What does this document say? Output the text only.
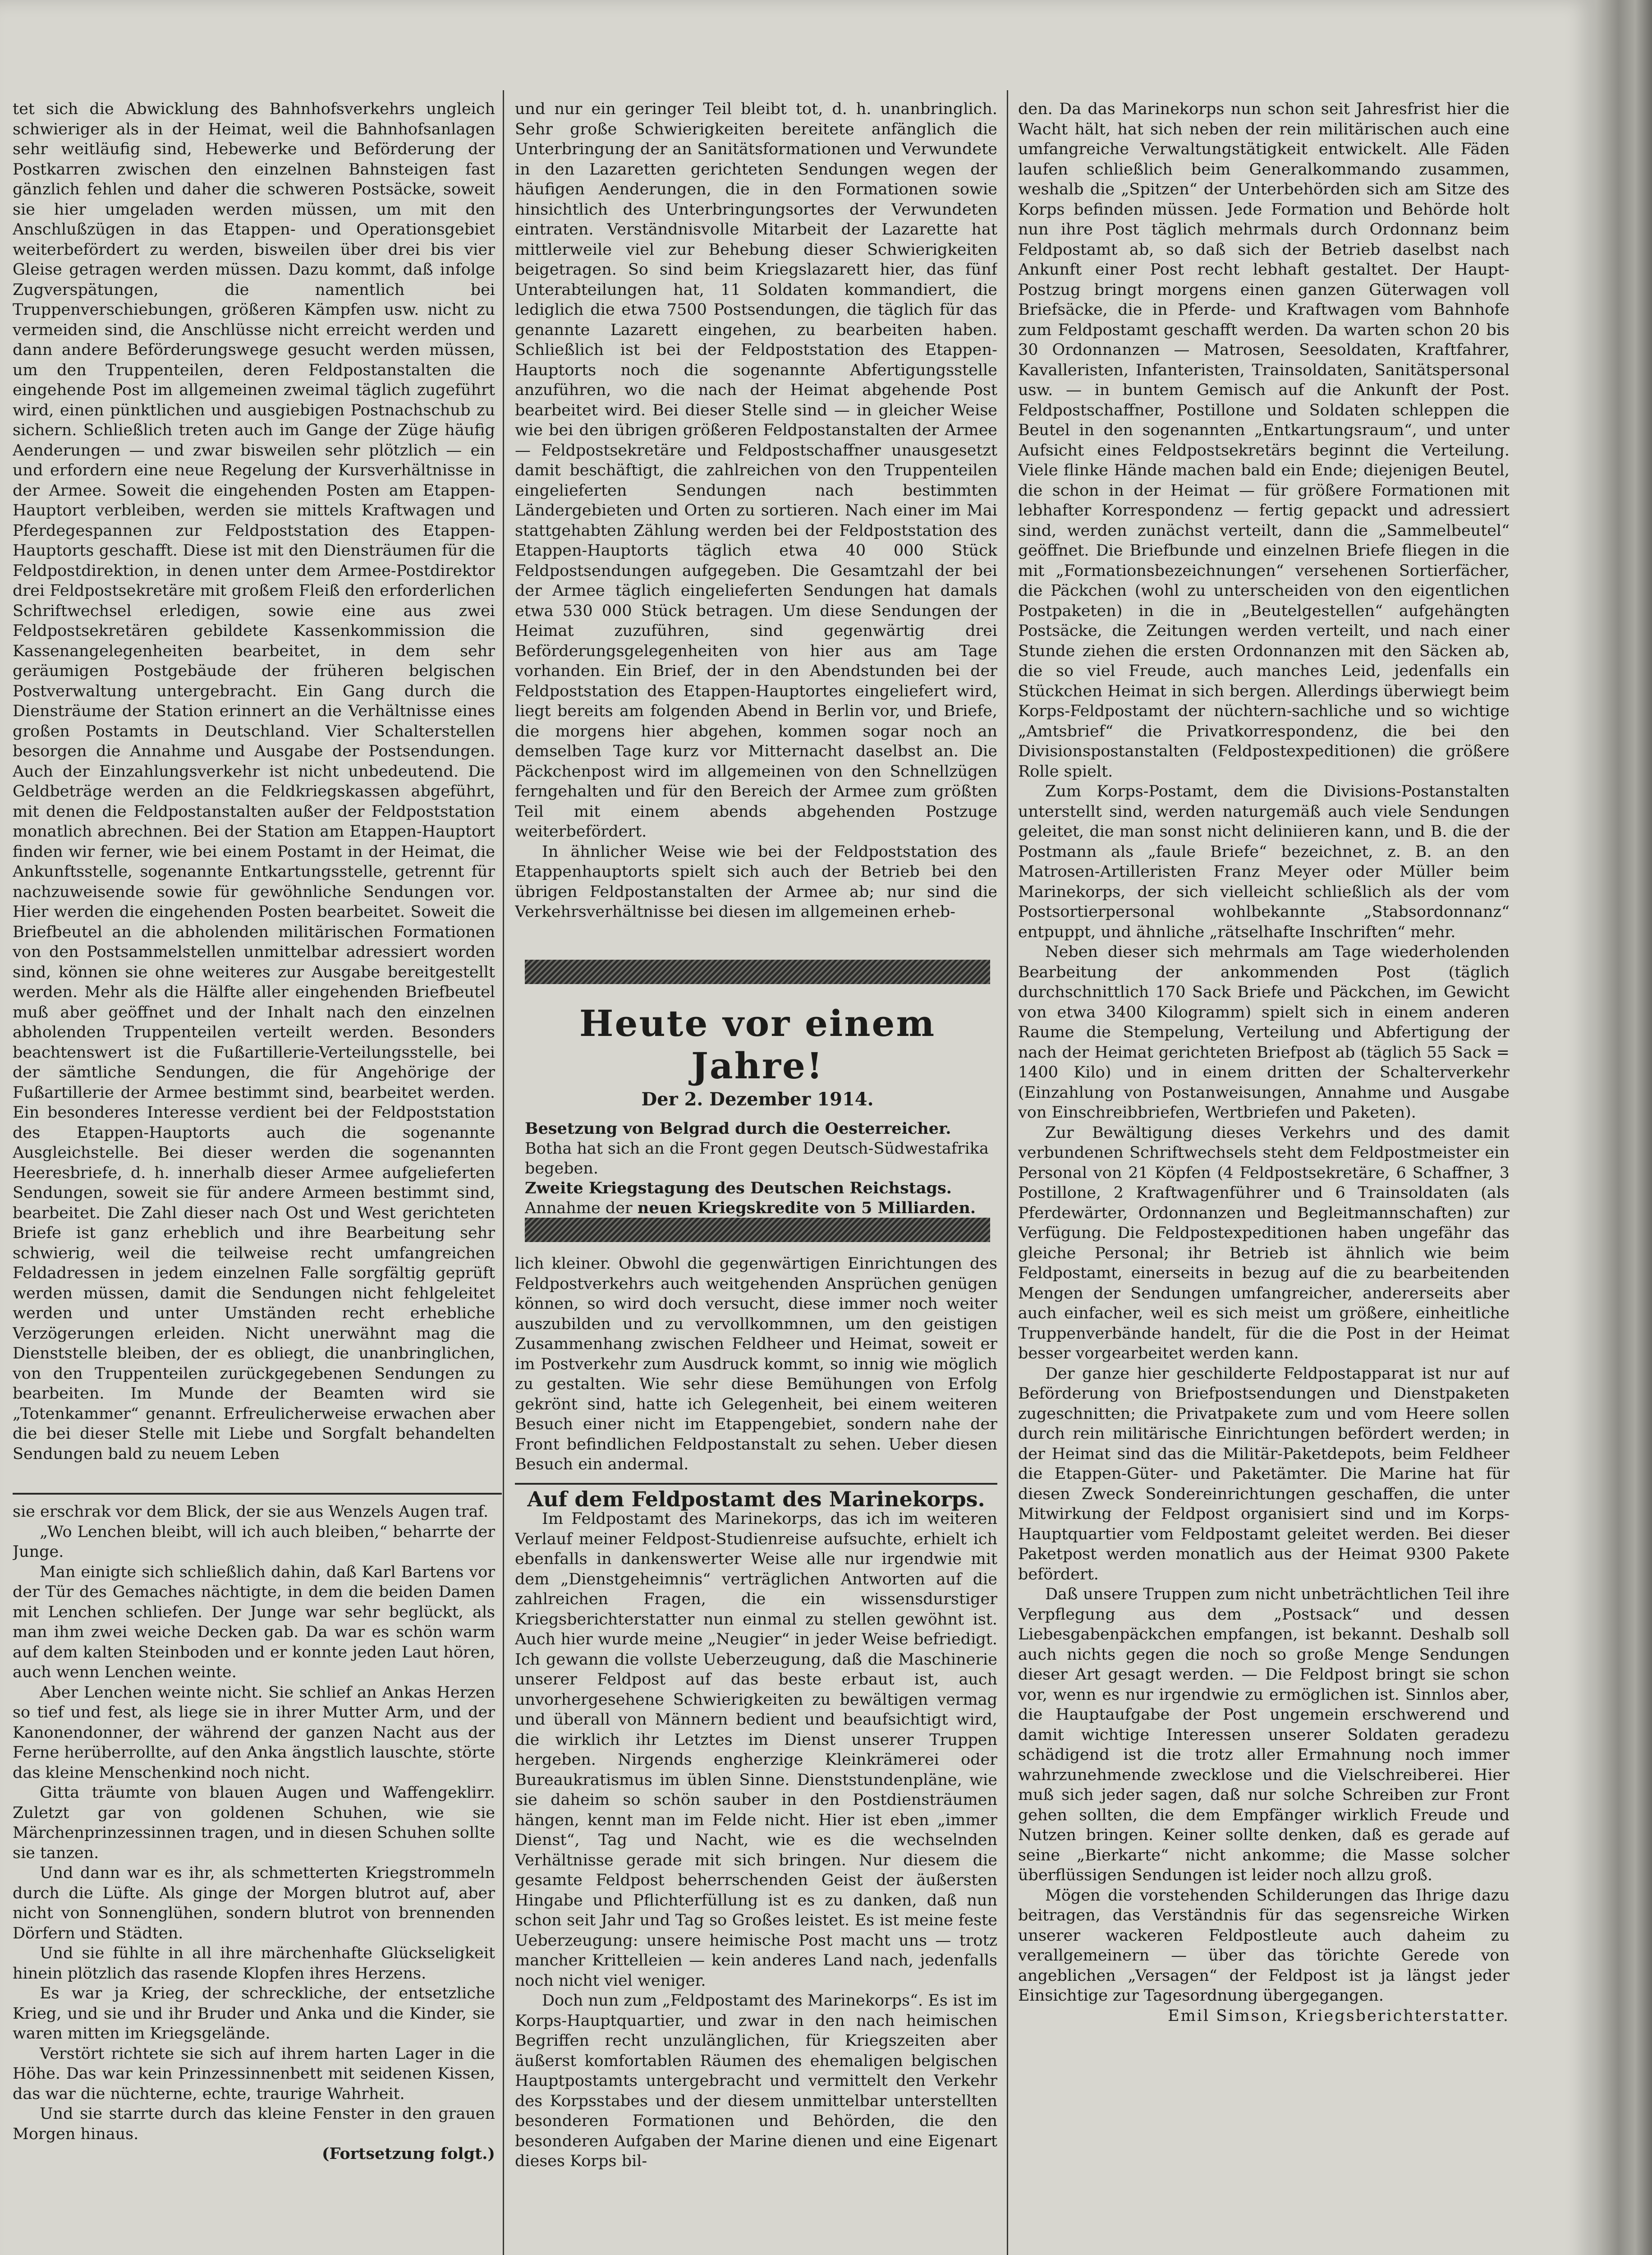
tet sich die Abwicklung des Bahnhofsverkehrs ungleich schwieriger als in der Heimat, weil die Bahnhofsanlagen sehr weitläufig sind, Hebewerke und Beförderung der Postkarren zwischen den einzelnen Bahnsteigen fast gänzlich fehlen und daher die schweren Postsäcke, soweit sie hier umgeladen werden müssen, um mit den Anschlußzügen in das Etappen- und Operationsgebiet weiterbefördert zu werden, bisweilen über drei bis vier Gleise getragen werden müssen. Dazu kommt, daß infolge Zugverspätungen, die namentlich bei Truppenverschiebungen, größeren Kämpfen usw. nicht zu vermeiden sind, die Anschlüsse nicht erreicht werden und dann andere Beförderungswege gesucht werden müssen, um den Truppenteilen, deren Feldpostanstalten die eingehende Post im allgemeinen zweimal täglich zugeführt wird, einen pünktlichen und ausgiebigen Postnachschub zu sichern. Schließlich treten auch im Gange der Züge häufig Aenderungen — und zwar bisweilen sehr plötzlich — ein und erfordern eine neue Regelung der Kursverhältnisse in der Armee. Soweit die eingehenden Posten am Etappen-Hauptort verbleiben, werden sie mittels Kraftwagen und Pferdegespannen zur Feldpoststation des Etappen-Hauptorts geschafft. Diese ist mit den Diensträumen für die Feldpostdirektion, in denen unter dem Armee-Postdirektor drei Feldpostsekretäre mit großem Fleiß den erforderlichen Schriftwechsel erledigen, sowie eine aus zwei Feldpostsekretären gebildete Kassenkommission die Kassenangelegenheiten bearbeitet, in dem sehr geräumigen Postgebäude der früheren belgischen Postverwaltung untergebracht. Ein Gang durch die Diensträume der Station erinnert an die Verhältnisse eines großen Postamts in Deutschland. Vier Schalterstellen besorgen die Annahme und Ausgabe der Postsendungen. Auch der Einzahlungsverkehr ist nicht unbedeutend. Die Geldbeträge werden an die Feldkriegskassen abgeführt, mit denen die Feldpostanstalten außer der Feldpoststation monatlich abrechnen. Bei der Station am Etappen-Hauptort finden wir ferner, wie bei einem Postamt in der Heimat, die Ankunftsstelle, sogenannte Entkartungsstelle, getrennt für nachzuweisende sowie für gewöhnliche Sendungen vor. Hier werden die eingehenden Posten bearbeitet. Soweit die Briefbeutel an die abholenden militärischen Formationen von den Postsammelstellen unmittelbar adressiert worden sind, können sie ohne weiteres zur Ausgabe bereitgestellt werden. Mehr als die Hälfte aller eingehenden Briefbeutel muß aber geöffnet und der Inhalt nach den einzelnen abholenden Truppenteilen verteilt werden. Besonders beachtenswert ist die Fußartillerie-Verteilungsstelle, bei der sämtliche Sendungen, die für Angehörige der Fußartillerie der Armee bestimmt sind, bearbeitet werden. Ein besonderes Interesse verdient bei der Feldpoststation des Etappen-Hauptorts auch die sogenannte Ausgleichstelle. Bei dieser werden die sogenannten Heeresbriefe, d. h. innerhalb dieser Armee aufgelieferten Sendungen, soweit sie für andere Armeen bestimmt sind, bearbeitet. Die Zahl dieser nach Ost und West gerichteten Briefe ist ganz erheblich und ihre Bearbeitung sehr schwierig, weil die teilweise recht umfangreichen Feldadressen in jedem einzelnen Falle sorgfältig geprüft werden müssen, damit die Sendungen nicht fehlgeleitet werden und unter Umständen recht erhebliche Verzögerungen erleiden. Nicht unerwähnt mag die Dienststelle bleiben, der es obliegt, die unanbringlichen, von den Truppenteilen zurückgegebenen Sendungen zu bearbeiten. Im Munde der Beamten wird sie „Totenkammer“ genannt. Erfreulicherweise erwachen aber die bei dieser Stelle mit Liebe und Sorgfalt behandelten Sendungen bald zu neuem Leben

und nur ein geringer Teil bleibt tot, d. h. unanbringlich. Sehr große Schwierigkeiten bereitete anfänglich die Unterbringung der an Sanitätsformationen und Verwundete in den Lazaretten gerichteten Sendungen wegen der häufigen Aenderungen, die in den Formationen sowie hinsichtlich des Unterbringungsortes der Verwundeten eintraten. Verständnisvolle Mitarbeit der Lazarette hat mittlerweile viel zur Behebung dieser Schwierigkeiten beigetragen. So sind beim Kriegslazarett hier, das fünf Unterabteilungen hat, 11 Soldaten kommandiert, die lediglich die etwa 7500 Postsendungen, die täglich für das genannte Lazarett eingehen, zu bearbeiten haben. Schließlich ist bei der Feldpoststation des Etappen-Hauptorts noch die sogenannte Abfertigungsstelle anzuführen, wo die nach der Heimat abgehende Post bearbeitet wird. Bei dieser Stelle sind — in gleicher Weise wie bei den übrigen größeren Feldpostanstalten der Armee — Feldpostsekretäre und Feldpostschaffner unausgesetzt damit beschäftigt, die zahlreichen von den Truppenteilen eingelieferten Sendungen nach bestimmten Ländergebieten und Orten zu sortieren. Nach einer im Mai stattgehabten Zählung werden bei der Feldpoststation des Etappen-Hauptorts täglich etwa 40 000 Stück Feldpostsendungen aufgegeben. Die Gesamtzahl der bei der Armee täglich eingelieferten Sendungen hat damals etwa 530 000 Stück betragen. Um diese Sendungen der Heimat zuzuführen, sind gegenwärtig drei Beförderungsgelegenheiten von hier aus am Tage vorhanden. Ein Brief, der in den Abendstunden bei der Feldpoststation des Etappen-Hauptortes eingeliefert wird, liegt bereits am folgenden Abend in Berlin vor, und Briefe, die morgens hier abgehen, kommen sogar noch an demselben Tage kurz vor Mitternacht daselbst an. Die Päckchenpost wird im allgemeinen von den Schnellzügen ferngehalten und für den Bereich der Armee zum größten Teil mit einem abends abgehenden Postzuge weiterbefördert.

In ähnlicher Weise wie bei der Feldpoststation des Etappenhauptorts spielt sich auch der Betrieb bei den übrigen Feldpostanstalten der Armee ab; nur sind die Verkehrsverhältnisse bei diesen im allgemeinen erheb-

den. Da das Marinekorps nun schon seit Jahresfrist hier die Wacht hält, hat sich neben der rein militärischen auch eine umfangreiche Verwaltungstätigkeit entwickelt. Alle Fäden laufen schließlich beim Generalkommando zusammen, weshalb die „Spitzen“ der Unterbehörden sich am Sitze des Korps befinden müssen. Jede Formation und Behörde holt nun ihre Post täglich mehrmals durch Ordonnanz beim Feldpostamt ab, so daß sich der Betrieb daselbst nach Ankunft einer Post recht lebhaft gestaltet. Der Haupt-Postzug bringt morgens einen ganzen Güterwagen voll Briefsäcke, die in Pferde- und Kraftwagen vom Bahnhofe zum Feldpostamt geschafft werden. Da warten schon 20 bis 30 Ordonnanzen — Matrosen, Seesoldaten, Kraftfahrer, Kavalleristen, Infanteristen, Trainsoldaten, Sanitätspersonal usw. — in buntem Gemisch auf die Ankunft der Post. Feldpostschaffner, Postillone und Soldaten schleppen die Beutel in den sogenannten „Entkartungsraum“, und unter Aufsicht eines Feldpostsekretärs beginnt die Verteilung. Viele flinke Hände machen bald ein Ende; diejenigen Beutel, die schon in der Heimat — für größere Formationen mit lebhafter Korrespondenz — fertig gepackt und adressiert sind, werden zunächst verteilt, dann die „Sammelbeutel“ geöffnet. Die Briefbunde und einzelnen Briefe fliegen in die mit „Formationsbezeichnungen“ versehenen Sortierfächer, die Päckchen (wohl zu unterscheiden von den eigentlichen Postpaketen) in die in „Beutelgestellen“ aufgehängten Postsäcke, die Zeitungen werden verteilt, und nach einer Stunde ziehen die ersten Ordonnanzen mit den Säcken ab, die so viel Freude, auch manches Leid, jedenfalls ein Stückchen Heimat in sich bergen. Allerdings überwiegt beim Korps-Feldpostamt der nüchtern-sachliche und so wichtige „Amtsbrief“ die Privatkorrespondenz, die bei den Divisionspostanstalten (Feldpostexpeditionen) die größere Rolle spielt.

Zum Korps-Postamt, dem die Divisions-Postanstalten unterstellt sind, werden naturgemäß auch viele Sendungen geleitet, die man sonst nicht deliniieren kann, und B. die der Postmann als „faule Briefe“ bezeichnet, z. B. an den Matrosen-Artilleristen Franz Meyer oder Müller beim Marinekorps, der sich vielleicht schließlich als der vom Postsortierpersonal wohlbekannte „Stabsordonnanz“ entpuppt, und ähnliche „rätselhafte Inschriften“ mehr.

Neben dieser sich mehrmals am Tage wiederholenden Bearbeitung der ankommenden Post (täglich durchschnittlich 170 Sack Briefe und Päckchen, im Gewicht von etwa 3400 Kilogramm) spielt sich in einem anderen Raume die Stempelung, Verteilung und Abfertigung der nach der Heimat gerichteten Briefpost ab (täglich 55 Sack = 1400 Kilo) und in einem dritten der Schalterverkehr (Einzahlung von Postanweisungen, Annahme und Ausgabe von Einschreibbriefen, Wertbriefen und Paketen).

Zur Bewältigung dieses Verkehrs und des damit verbundenen Schriftwechsels steht dem Feldpostmeister ein Personal von 21 Köpfen (4 Feldpostsekretäre, 6 Schaffner, 3 Postillone, 2 Kraftwagenführer und 6 Trainsoldaten (als Pferdewärter, Ordonnanzen und Begleitmannschaften) zur Verfügung. Die Feldpostexpeditionen haben ungefähr das gleiche Personal; ihr Betrieb ist ähnlich wie beim Feldpostamt, einerseits in bezug auf die zu bearbeitenden Mengen der Sendungen umfangreicher, andererseits aber auch einfacher, weil es sich meist um größere, einheitliche Truppenverbände handelt, für die die Post in der Heimat besser vorgearbeitet werden kann.

Der ganze hier geschilderte Feldpostapparat ist nur auf Beförderung von Briefpostsendungen und Dienstpaketen zugeschnitten; die Privatpakete zum und vom Heere sollen durch rein militärische Einrichtungen befördert werden; in der Heimat sind das die Militär-Paketdepots, beim Feldheer die Etappen-Güter- und Paketämter. Die Marine hat für diesen Zweck Sondereinrichtungen geschaffen, die unter Mitwirkung der Feldpost organisiert sind und im Korps-Hauptquartier vom Feldpostamt geleitet werden. Bei dieser Paketpost werden monatlich aus der Heimat 9300 Pakete befördert.

Daß unsere Truppen zum nicht unbeträchtlichen Teil ihre Verpflegung aus dem „Postsack“ und dessen Liebesgabenpäckchen empfangen, ist bekannt. Deshalb soll auch nichts gegen die noch so große Menge Sendungen dieser Art gesagt werden. — Die Feldpost bringt sie schon vor, wenn es nur irgendwie zu ermöglichen ist. Sinnlos aber, die Hauptaufgabe der Post ungemein erschwerend und damit wichtige Interessen unserer Soldaten geradezu schädigend ist die trotz aller Ermahnung noch immer wahrzunehmende zwecklose und die Vielschreiberei. Hier muß sich jeder sagen, daß nur solche Schreiben zur Front gehen sollten, die dem Empfänger wirklich Freude und Nutzen bringen. Keiner sollte denken, daß es gerade auf seine „Bierkarte“ nicht ankomme; die Masse solcher überflüssigen Sendungen ist leider noch allzu groß.

Mögen die vorstehenden Schilderungen das Ihrige dazu beitragen, das Verständnis für das segensreiche Wirken unserer wackeren Feldpostleute auch daheim zu verallgemeinern — über das törichte Gerede von angeblichen „Versagen“ der Feldpost ist ja längst jeder Einsichtige zur Tagesordnung übergegangen.

Emil Simson, Kriegsberichterstatter.

sie erschrak vor dem Blick, der sie aus Wenzels Augen traf.

„Wo Lenchen bleibt, will ich auch bleiben,“ beharrte der Junge.

Man einigte sich schließlich dahin, daß Karl Bartens vor der Tür des Gemaches nächtigte, in dem die beiden Damen mit Lenchen schliefen. Der Junge war sehr beglückt, als man ihm zwei weiche Decken gab. Da war es schön warm auf dem kalten Steinboden und er konnte jeden Laut hören, auch wenn Lenchen weinte.

Aber Lenchen weinte nicht. Sie schlief an Ankas Herzen so tief und fest, als liege sie in ihrer Mutter Arm, und der Kanonendonner, der während der ganzen Nacht aus der Ferne herüberrollte, auf den Anka ängstlich lauschte, störte das kleine Menschenkind noch nicht.

Gitta träumte von blauen Augen und Waffengeklirr. Zuletzt gar von goldenen Schuhen, wie sie Märchenprinzessinnen tragen, und in diesen Schuhen sollte sie tanzen.

Und dann war es ihr, als schmetterten Kriegstrommeln durch die Lüfte. Als ginge der Morgen blutrot auf, aber nicht von Sonnenglühen, sondern blutrot von brennenden Dörfern und Städten.

Und sie fühlte in all ihre märchenhafte Glückseligkeit hinein plötzlich das rasende Klopfen ihres Herzens.

Es war ja Krieg, der schreckliche, der entsetzliche Krieg, und sie und ihr Bruder und Anka und die Kinder, sie waren mitten im Kriegsgelände.

Verstört richtete sie sich auf ihrem harten Lager in die Höhe. Das war kein Prinzessinnenbett mit seidenen Kissen, das war die nüchterne, echte, traurige Wahrheit.

Und sie starrte durch das kleine Fenster in den grauen Morgen hinaus.

(Fortsetzung folgt.)

Heute vor einem Jahre!
Der 2. Dezember 1914.
Besetzung von Belgrad durch die Oesterreicher.
Botha hat sich an die Front gegen Deutsch-Südwestafrika begeben.
Zweite Kriegstagung des Deutschen Reichstags. Annahme der neuen Kriegskredite von 5 Milliarden.

lich kleiner. Obwohl die gegenwärtigen Einrichtungen des Feldpostverkehrs auch weitgehenden Ansprüchen genügen können, so wird doch versucht, diese immer noch weiter auszubilden und zu vervollkommnen, um den geistigen Zusammenhang zwischen Feldheer und Heimat, soweit er im Postverkehr zum Ausdruck kommt, so innig wie möglich zu gestalten. Wie sehr diese Bemühungen von Erfolg gekrönt sind, hatte ich Gelegenheit, bei einem weiteren Besuch einer nicht im Etappengebiet, sondern nahe der Front befindlichen Feldpostanstalt zu sehen. Ueber diesen Besuch ein andermal.

Auf dem Feldpostamt des Marinekorps.

Im Feldpostamt des Marinekorps, das ich im weiteren Verlauf meiner Feldpost-Studienreise aufsuchte, erhielt ich ebenfalls in dankenswerter Weise alle nur irgendwie mit dem „Dienstgeheimnis“ verträglichen Antworten auf die zahlreichen Fragen, die ein wissensdurstiger Kriegsberichterstatter nun einmal zu stellen gewöhnt ist. Auch hier wurde meine „Neugier“ in jeder Weise befriedigt. Ich gewann die vollste Ueberzeugung, daß die Maschinerie unserer Feldpost auf das beste erbaut ist, auch unvorhergesehene Schwierigkeiten zu bewältigen vermag und überall von Männern bedient und beaufsichtigt wird, die wirklich ihr Letztes im Dienst unserer Truppen hergeben. Nirgends engherzige Kleinkrämerei oder Bureaukratismus im üblen Sinne. Dienststundenpläne, wie sie daheim so schön sauber in den Postdiensträumen hängen, kennt man im Felde nicht. Hier ist eben „immer Dienst“, Tag und Nacht, wie es die wechselnden Verhältnisse gerade mit sich bringen. Nur diesem die gesamte Feldpost beherrschenden Geist der äußersten Hingabe und Pflichterfüllung ist es zu danken, daß nun schon seit Jahr und Tag so Großes leistet. Es ist meine feste Ueberzeugung: unsere heimische Post macht uns — trotz mancher Krittelleien — kein anderes Land nach, jedenfalls noch nicht viel weniger.

Doch nun zum „Feldpostamt des Marinekorps“. Es ist im Korps-Hauptquartier, und zwar in den nach heimischen Begriffen recht unzulänglichen, für Kriegszeiten aber äußerst komfortablen Räumen des ehemaligen belgischen Hauptpostamts untergebracht und vermittelt den Verkehr des Korpsstabes und der diesem unmittelbar unterstellten besonderen Formationen und Behörden, die den besonderen Aufgaben der Marine dienen und eine Eigenart dieses Korps bil-
